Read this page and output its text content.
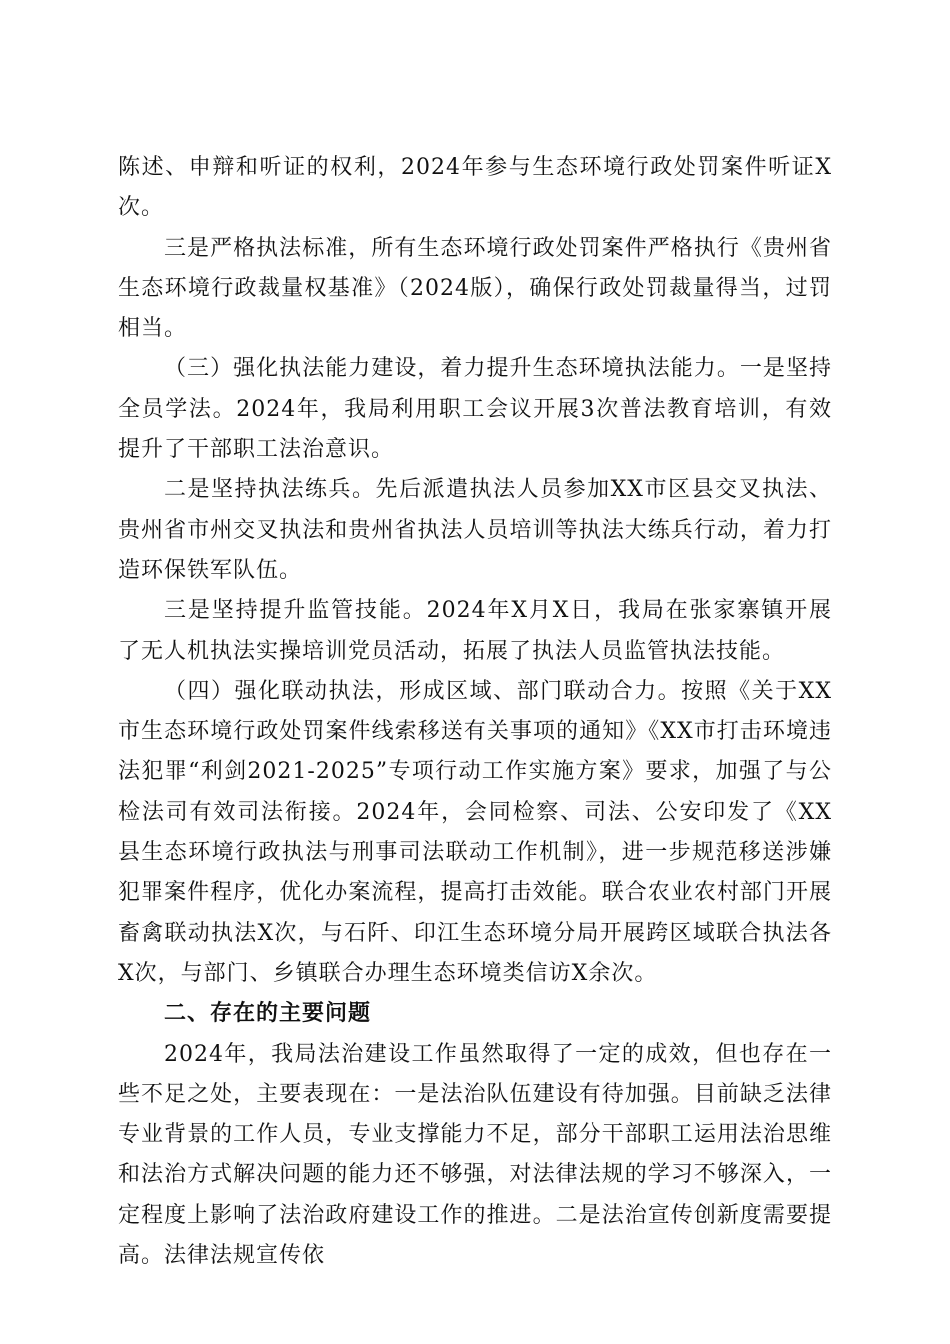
陈述、申辩和听证的权利，2024年参与生态环境行政处罚案件听证X次。

三是严格执法标准，所有生态环境行政处罚案件严格执行《贵州省生态环境行政裁量权基准》（2024版），确保行政处罚裁量得当，过罚相当。

（三）强化执法能力建设，着力提升生态环境执法能力。一是坚持全员学法。2024年，我局利用职工会议开展3次普法教育培训，有效提升了干部职工法治意识。

二是坚持执法练兵。先后派遣执法人员参加XX市区县交叉执法、贵州省市州交叉执法和贵州省执法人员培训等执法大练兵行动，着力打造环保铁军队伍。

三是坚持提升监管技能。2024年X月X日，我局在张家寨镇开展了无人机执法实操培训党员活动，拓展了执法人员监管执法技能。

（四）强化联动执法，形成区域、部门联动合力。按照《关于XX市生态环境行政处罚案件线索移送有关事项的通知》《XX市打击环境违法犯罪“利剑2021-2025”专项行动工作实施方案》要求，加强了与公检法司有效司法衔接。2024年，会同检察、司法、公安印发了《XX县生态环境行政执法与刑事司法联动工作机制》，进一步规范移送涉嫌犯罪案件程序，优化办案流程，提高打击效能。联合农业农村部门开展畜禽联动执法X次，与石阡、印江生态环境分局开展跨区域联合执法各X次，与部门、乡镇联合办理生态环境类信访X余次。

二、存在的主要问题

2024年，我局法治建设工作虽然取得了一定的成效，但也存在一些不足之处，主要表现在：一是法治队伍建设有待加强。目前缺乏法律专业背景的工作人员，专业支撑能力不足，部分干部职工运用法治思维和法治方式解决问题的能力还不够强，对法律法规的学习不够深入，一定程度上影响了法治政府建设工作的推进。二是法治宣传创新度需要提高。法律法规宣传依
